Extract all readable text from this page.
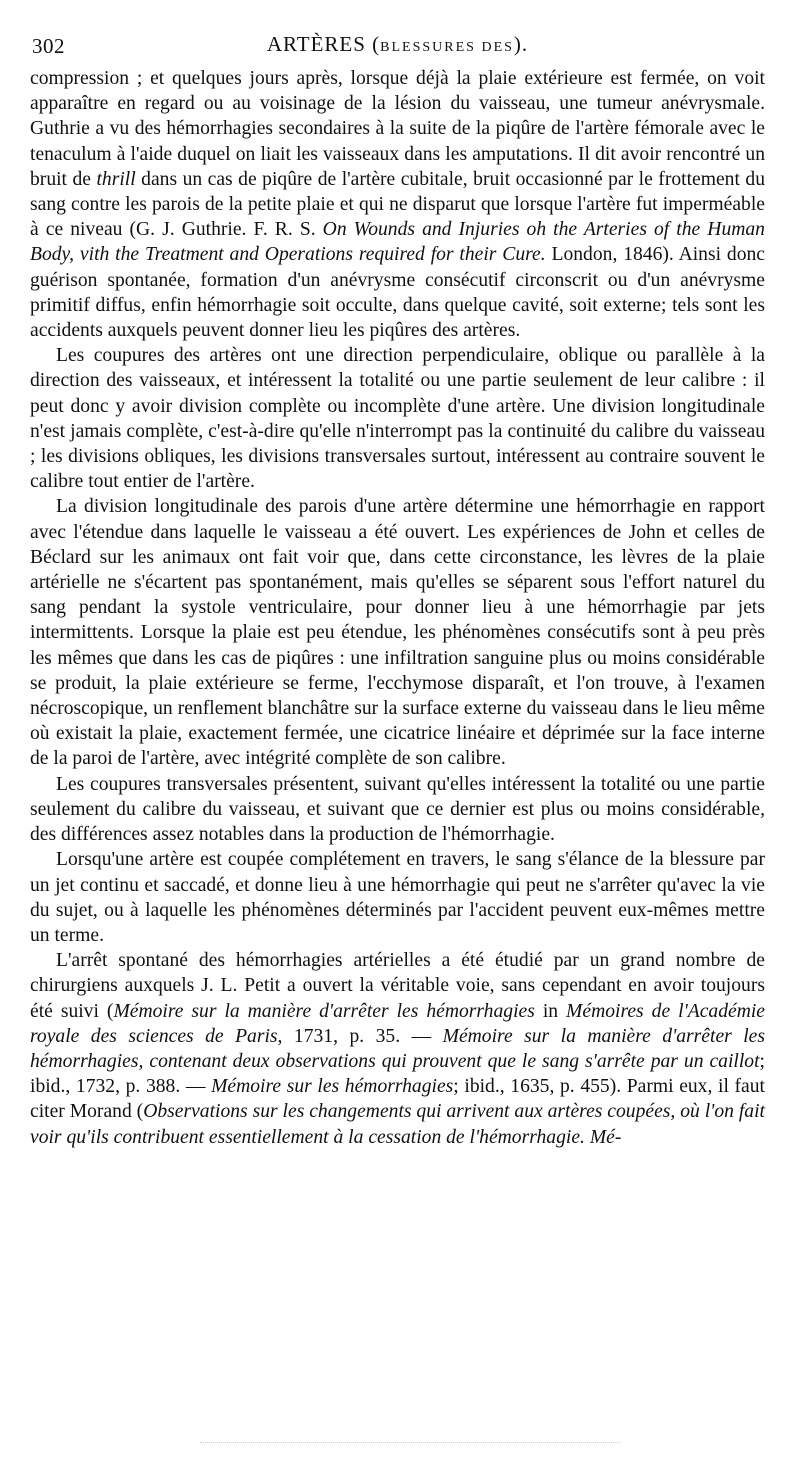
302	ARTÈRES (BLESSURES DES).

compression ; et quelques jours après, lorsque déjà la plaie extérieure est fermée, on voit apparaître en regard ou au voisinage de la lésion du vaisseau, une tumeur anévrysmale. Guthrie a vu des hémorrhagies secondaires à la suite de la piqûre de l'artère fémorale avec le tenaculum à l'aide duquel on liait les vaisseaux dans les amputations. Il dit avoir rencontré un bruit de thrill dans un cas de piqûre de l'artère cubitale, bruit occasionné par le frottement du sang contre les parois de la petite plaie et qui ne disparut que lorsque l'artère fut imperméable à ce niveau (G. J. Guthrie. F. R. S. On Wounds and Injuries oh the Arteries of the Human Body, vith the Treatment and Operations required for their Cure. London, 1846). Ainsi donc guérison spontanée, formation d'un anévrysme consécutif circonscrit ou d'un anévrysme primitif diffus, enfin hémorrhagie soit occulte, dans quelque cavité, soit externe; tels sont les accidents auxquels peuvent donner lieu les piqûres des artères.

Les coupures des artères ont une direction perpendiculaire, oblique ou parallèle à la direction des vaisseaux, et intéressent la totalité ou une partie seulement de leur calibre : il peut donc y avoir division complète ou incomplète d'une artère. Une division longitudinale n'est jamais complète, c'est-à-dire qu'elle n'interrompt pas la continuité du calibre du vaisseau ; les divisions obliques, les divisions transversales surtout, intéressent au contraire souvent le calibre tout entier de l'artère.

La division longitudinale des parois d'une artère détermine une hémorrhagie en rapport avec l'étendue dans laquelle le vaisseau a été ouvert. Les expériences de John et celles de Béclard sur les animaux ont fait voir que, dans cette circonstance, les lèvres de la plaie artérielle ne s'écartent pas spontanément, mais qu'elles se séparent sous l'effort naturel du sang pendant la systole ventriculaire, pour donner lieu à une hémorrhagie par jets intermittents. Lorsque la plaie est peu étendue, les phénomènes consécutifs sont à peu près les mêmes que dans les cas de piqûres : une infiltration sanguine plus ou moins considérable se produit, la plaie extérieure se ferme, l'ecchymose disparaît, et l'on trouve, à l'examen nécroscopique, un renflement blanchâtre sur la surface externe du vaisseau dans le lieu même où existait la plaie, exactement fermée, une cicatrice linéaire et déprimée sur la face interne de la paroi de l'artère, avec intégrité complète de son calibre.

Les coupures transversales présentent, suivant qu'elles intéressent la totalité ou une partie seulement du calibre du vaisseau, et suivant que ce dernier est plus ou moins considérable, des différences assez notables dans la production de l'hémorrhagie.

Lorsqu'une artère est coupée complétement en travers, le sang s'élance de la blessure par un jet continu et saccadé, et donne lieu à une hémorrhagie qui peut ne s'arrêter qu'avec la vie du sujet, ou à laquelle les phénomènes déterminés par l'accident peuvent eux-mêmes mettre un terme.

L'arrêt spontané des hémorrhagies artérielles a été étudié par un grand nombre de chirurgiens auxquels J. L. Petit a ouvert la véritable voie, sans cependant en avoir toujours été suivi (Mémoire sur la manière d'arrêter les hémorrhagies in Mémoires de l'Académie royale des sciences de Paris, 1731, p. 35. — Mémoire sur la manière d'arrêter les hémorrhagies, contenant deux observations qui prouvent que le sang s'arrête par un caillot; ibid., 1732, p. 388. — Mémoire sur les hémorrhagies; ibid., 1635, p. 455). Parmi eux, il faut citer Morand (Observations sur les changements qui arrivent aux artères coupées, où l'on fait voir qu'ils contribuent essentiellement à la cessation de l'hémorrhagie. Mé-
